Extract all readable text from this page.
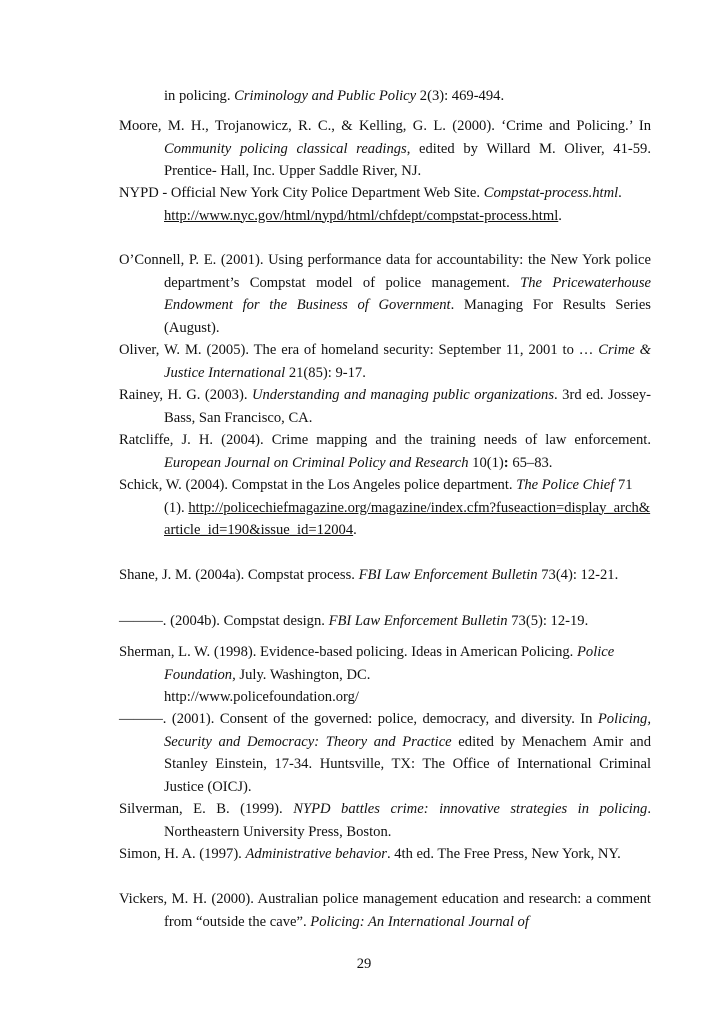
in policing. Criminology and Public Policy 2(3): 469-494.

Moore, M. H., Trojanowicz, R. C., & Kelling, G. L. (2000). ‘Crime and Policing.’ In Community policing classical readings, edited by Willard M. Oliver, 41-59. Prentice- Hall, Inc. Upper Saddle River, NJ.

NYPD - Official New York City Police Department Web Site. Compstat-process.html. http://www.nyc.gov/html/nypd/html/chfdept/compstat-process.html.

O’Connell, P. E. (2001). Using performance data for accountability: the New York police department’s Compstat model of police management. The Pricewaterhouse Endowment for the Business of Government. Managing For Results Series (August).

Oliver, W. M. (2005). The era of homeland security: September 11, 2001 to … Crime & Justice International 21(85): 9-17.

Rainey, H. G. (2003). Understanding and managing public organizations. 3rd ed. Jossey-Bass, San Francisco, CA.

Ratcliffe, J. H. (2004). Crime mapping and the training needs of law enforcement. European Journal on Criminal Policy and Research 10(1): 65–83.

Schick, W. (2004). Compstat in the Los Angeles police department. The Police Chief 71(1). http://policechiefmagazine.org/magazine/index.cfm?fuseaction=display_arch&article_id=190&issue_id=12004.

Shane, J. M. (2004a). Compstat process. FBI Law Enforcement Bulletin 73(4): 12-21.

———. (2004b). Compstat design. FBI Law Enforcement Bulletin 73(5): 12-19.

Sherman, L. W. (1998). Evidence-based policing. Ideas in American Policing. Police Foundation, July. Washington, DC.
http://www.policefoundation.org/

———. (2001). Consent of the governed: police, democracy, and diversity. In Policing, Security and Democracy: Theory and Practice edited by Menachem Amir and Stanley Einstein, 17-34. Huntsville, TX: The Office of International Criminal Justice (OICJ).

Silverman, E. B. (1999). NYPD battles crime: innovative strategies in policing. Northeastern University Press, Boston.

Simon, H. A. (1997). Administrative behavior. 4th ed. The Free Press, New York, NY.

Vickers, M. H. (2000). Australian police management education and research: a comment from “outside the cave”. Policing: An International Journal of

29
